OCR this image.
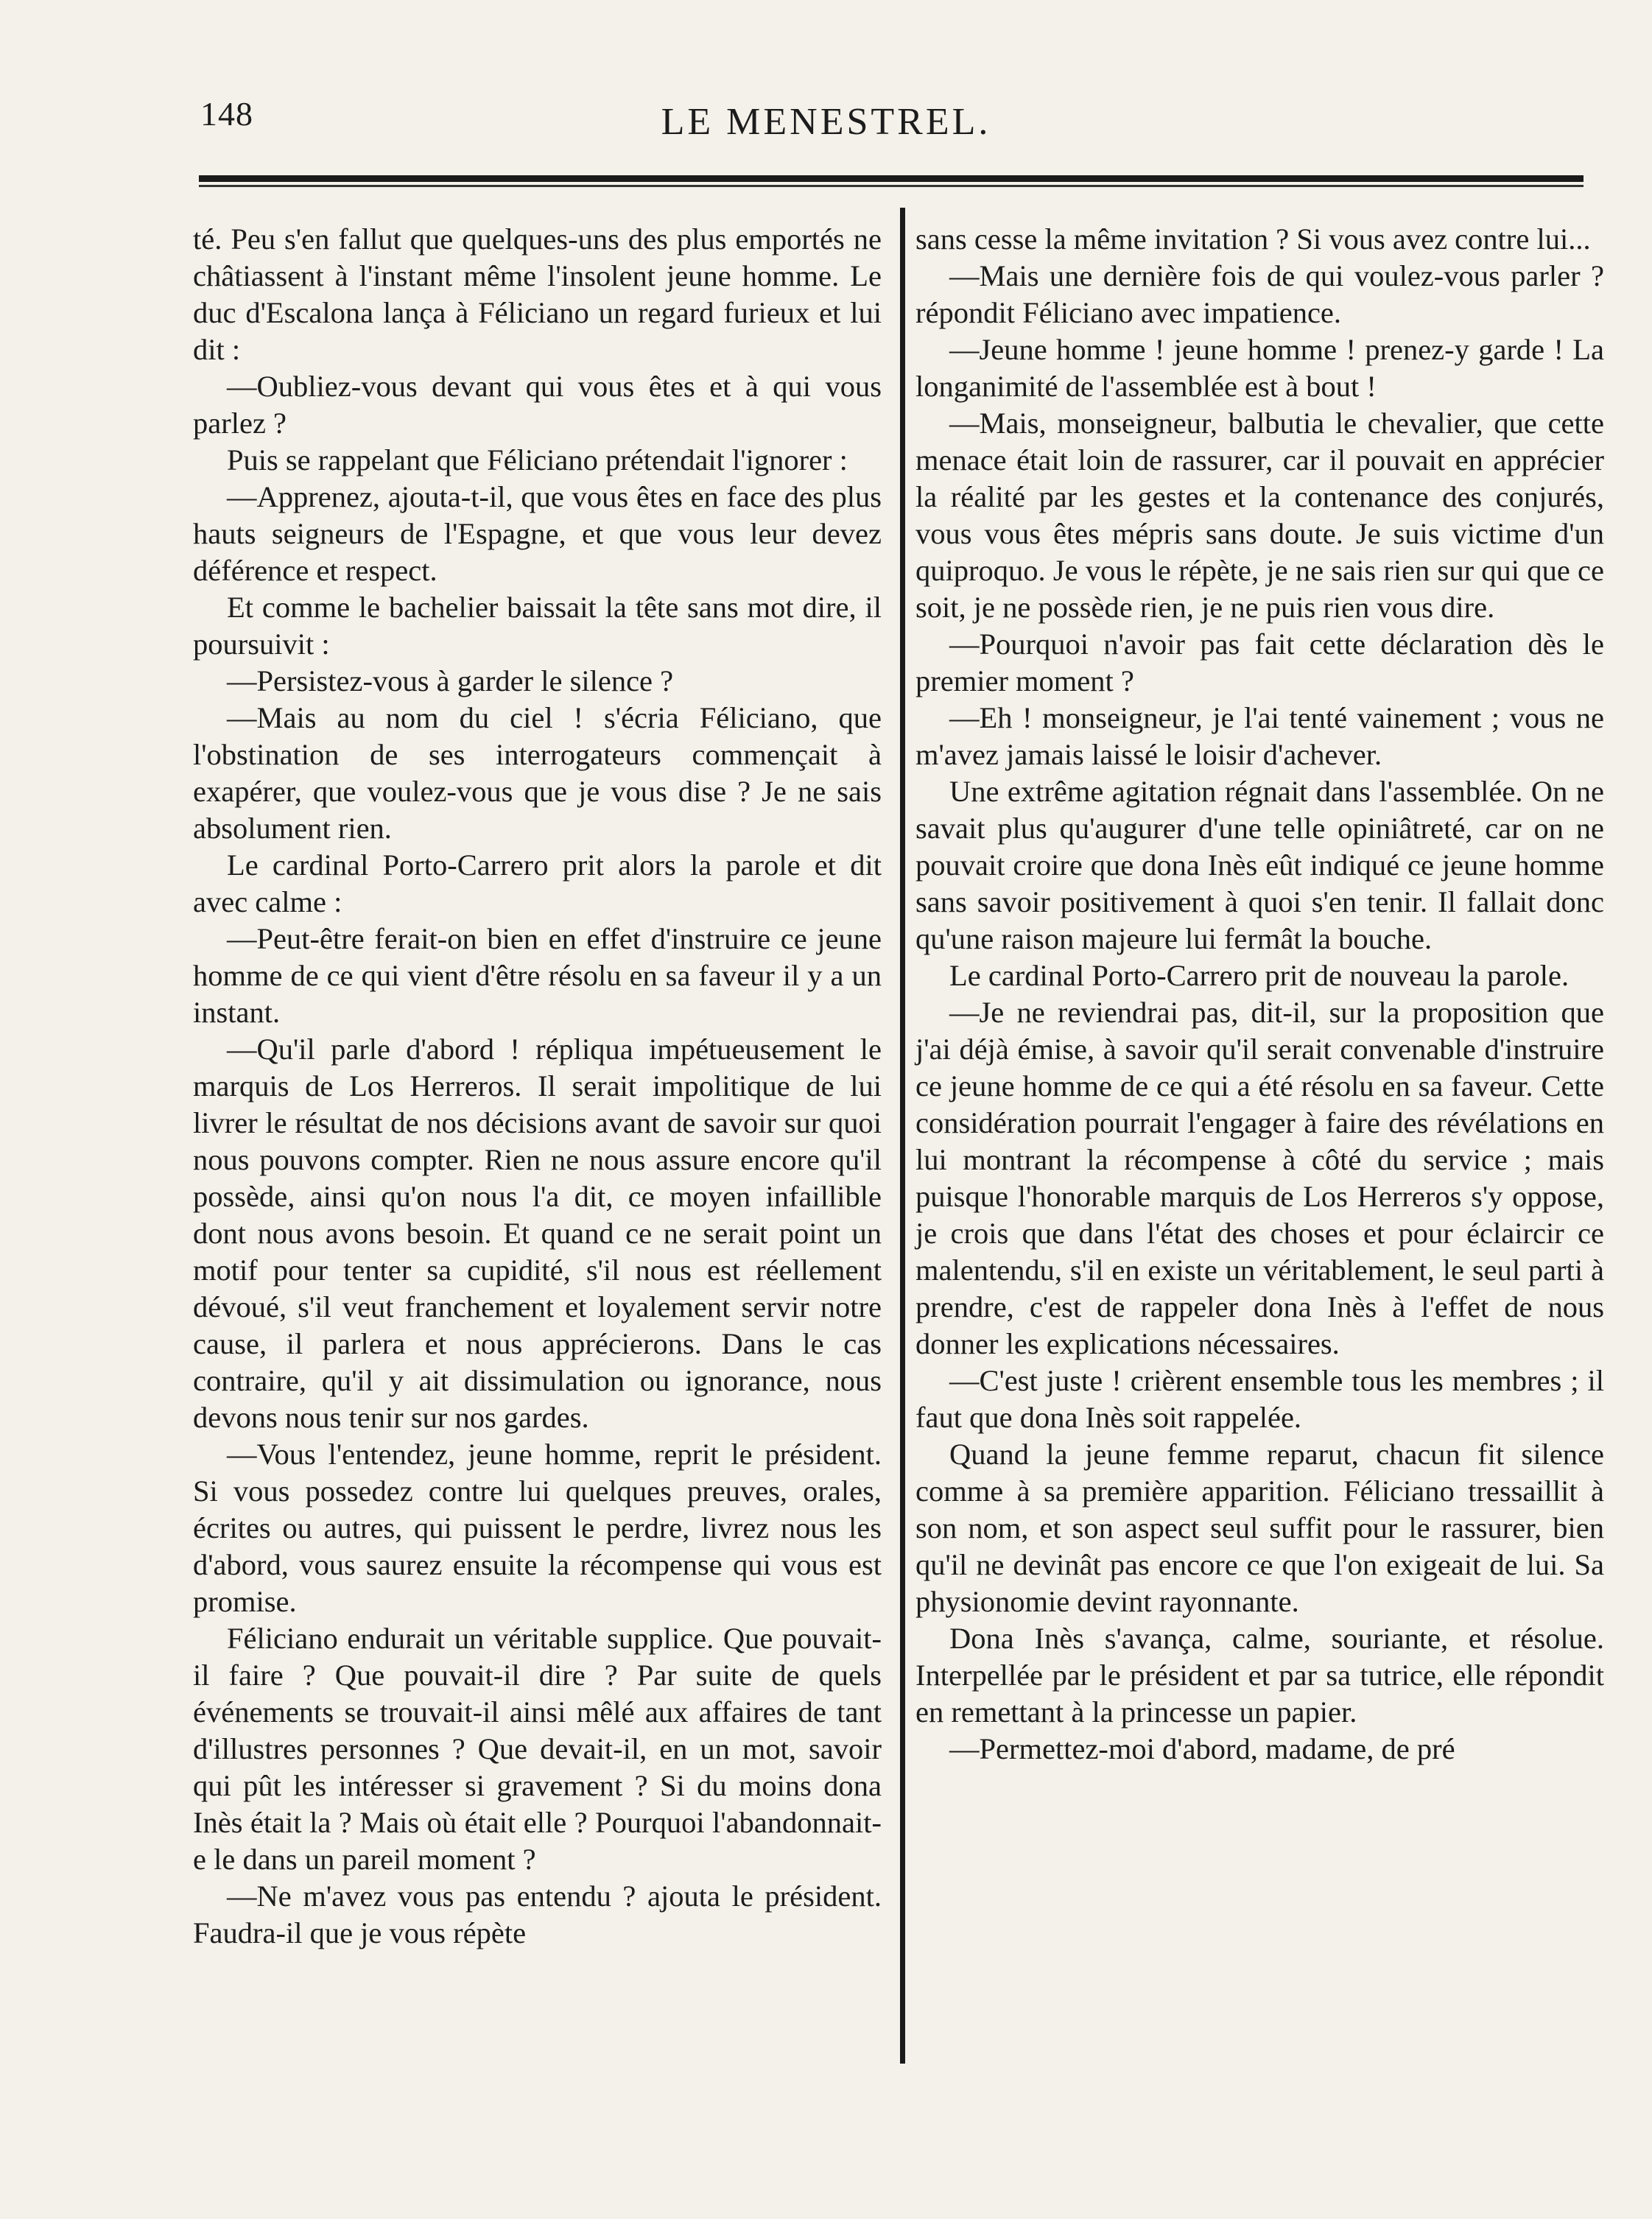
148	LE MENESTREL.

té. Peu s'en fallut que quelques-uns des plus emportés ne châtiassent à l'instant même l'insolent jeune homme. Le duc d'Escalona lança à Féliciano un regard furieux et lui dit :

—Oubliez-vous devant qui vous êtes et à qui vous parlez ?

Puis se rappelant que Féliciano prétendait l'ignorer :

—Apprenez, ajouta-t-il, que vous êtes en face des plus hauts seigneurs de l'Espagne, et que vous leur devez déférence et respect.

Et comme le bachelier baissait la tête sans mot dire, il poursuivit :

—Persistez-vous à garder le silence ?

—Mais au nom du ciel ! s'écria Féliciano, que l'obstination de ses interrogateurs commençait à exapérer, que voulez-vous que je vous dise ? Je ne sais absolument rien.

Le cardinal Porto-Carrero prit alors la parole et dit avec calme :

—Peut-être ferait-on bien en effet d'instruire ce jeune homme de ce qui vient d'être résolu en sa faveur il y a un instant.

—Qu'il parle d'abord ! répliqua impétueusement le marquis de Los Herreros. Il serait impolitique de lui livrer le résultat de nos décisions avant de savoir sur quoi nous pouvons compter. Rien ne nous assure encore qu'il possède, ainsi qu'on nous l'a dit, ce moyen infaillible dont nous avons besoin. Et quand ce ne serait point un motif pour tenter sa cupidité, s'il nous est réellement dévoué, s'il veut franchement et loyalement servir notre cause, il parlera et nous apprécierons. Dans le cas contraire, qu'il y ait dissimulation ou ignorance, nous devons nous tenir sur nos gardes.

—Vous l'entendez, jeune homme, reprit le président. Si vous possedez contre lui quelques preuves, orales, écrites ou autres, qui puissent le perdre, livrez nous les d'abord, vous saurez ensuite la récompense qui vous est promise.

Féliciano endurait un véritable supplice. Que pouvait-il faire ? Que pouvait-il dire ? Par suite de quels événements se trouvait-il ainsi mêlé aux affaires de tant d'illustres personnes ? Que devait-il, en un mot, savoir qui pût les intéresser si gravement ? Si du moins dona Inès était la ? Mais où était elle ? Pourquoi l'abandonnait-e le dans un pareil moment ?

—Ne m'avez vous pas entendu ? ajouta le président. Faudra-il que je vous répète

sans cesse la même invitation ? Si vous avez contre lui...

—Mais une dernière fois de qui voulez-vous parler ? répondit Féliciano avec impatience.

—Jeune homme ! jeune homme ! prenez-y garde ! La longanimité de l'assemblée est à bout !

—Mais, monseigneur, balbutia le chevalier, que cette menace était loin de rassurer, car il pouvait en apprécier la réalité par les gestes et la contenance des conjurés, vous vous êtes mépris sans doute. Je suis victime d'un quiproquo. Je vous le répète, je ne sais rien sur qui que ce soit, je ne possède rien, je ne puis rien vous dire.

—Pourquoi n'avoir pas fait cette déclaration dès le premier moment ?

—Eh ! monseigneur, je l'ai tenté vainement ; vous ne m'avez jamais laissé le loisir d'achever.

Une extrême agitation régnait dans l'assemblée. On ne savait plus qu'augurer d'une telle opiniâtreté, car on ne pouvait croire que dona Inès eût indiqué ce jeune homme sans savoir positivement à quoi s'en tenir. Il fallait donc qu'une raison majeure lui fermât la bouche.

Le cardinal Porto-Carrero prit de nouveau la parole.

—Je ne reviendrai pas, dit-il, sur la proposition que j'ai déjà émise, à savoir qu'il serait convenable d'instruire ce jeune homme de ce qui a été résolu en sa faveur. Cette considération pourrait l'engager à faire des révélations en lui montrant la récompense à côté du service ; mais puisque l'honorable marquis de Los Herreros s'y oppose, je crois que dans l'état des choses et pour éclaircir ce malentendu, s'il en existe un véritablement, le seul parti à prendre, c'est de rappeler dona Inès à l'effet de nous donner les explications nécessaires.

—C'est juste ! crièrent ensemble tous les membres ; il faut que dona Inès soit rappelée.

Quand la jeune femme reparut, chacun fit silence comme à sa première apparition. Féliciano tressaillit à son nom, et son aspect seul suffit pour le rassurer, bien qu'il ne devinât pas encore ce que l'on exigeait de lui. Sa physionomie devint rayonnante.

Dona Inès s'avança, calme, souriante, et résolue. Interpellée par le président et par sa tutrice, elle répondit en remettant à la princesse un papier.

—Permettez-moi d'abord, madame, de pré
